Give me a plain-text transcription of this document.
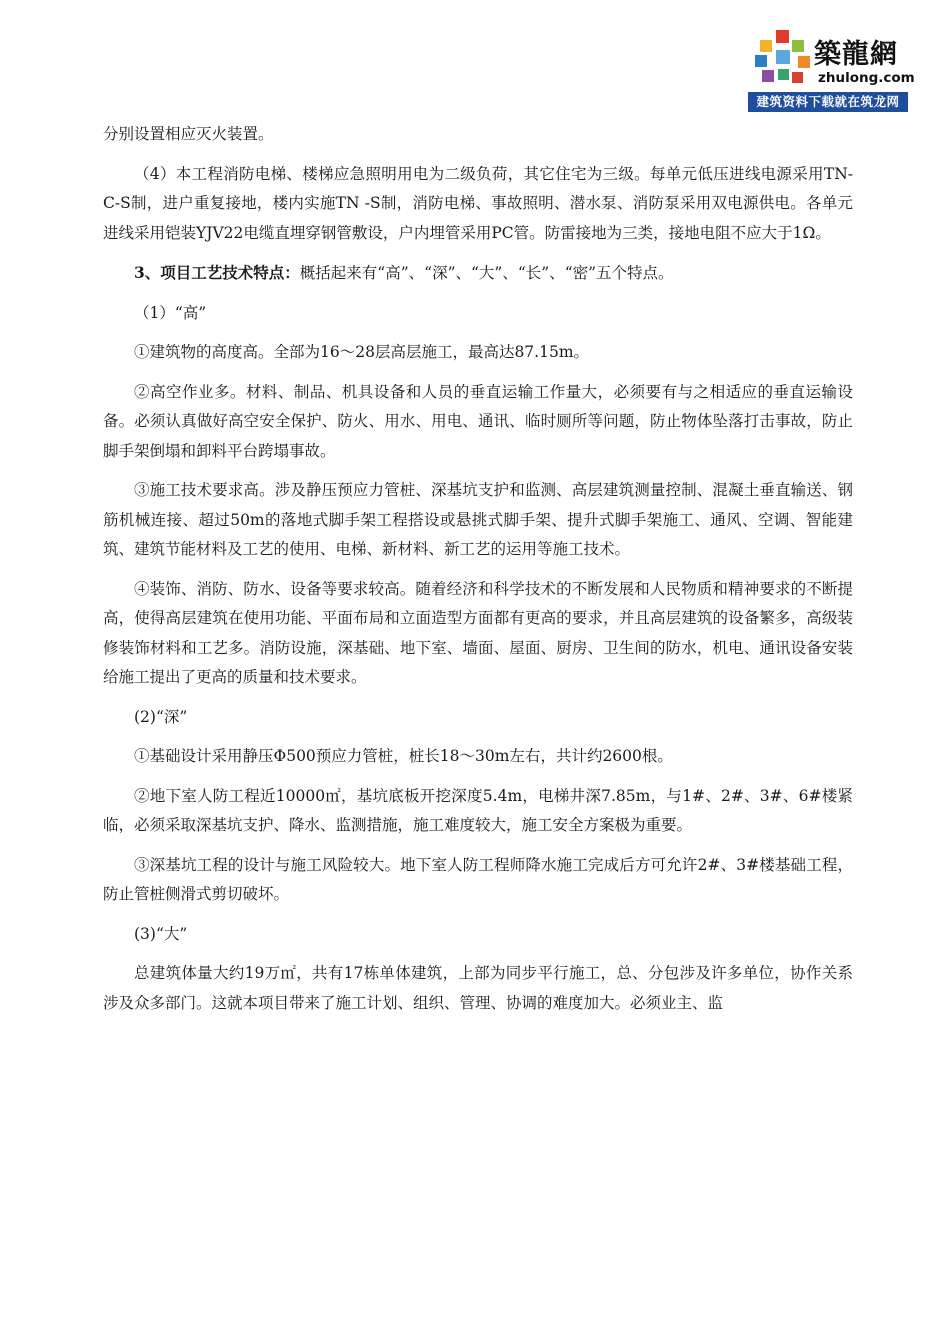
築龍網
zhulong.com
建筑资料下载就在筑龙网

分别设置相应灭火装置。

（4）本工程消防电梯、楼梯应急照明用电为二级负荷，其它住宅为三级。每单元低压进线电源采用TN-C-S制，进户重复接地，楼内实施TN -S制，消防电梯、事故照明、潜水泵、消防泵采用双电源供电。各单元进线采用铠装YJV22电缆直埋穿钢管敷设，户内埋管采用PC管。防雷接地为三类，接地电阻不应大于1Ω。

3、项目工艺技术特点：概括起来有“高”、“深”、“大”、“长”、“密”五个特点。

（1）“高”

①建筑物的高度高。全部为16～28层高层施工，最高达87.15m。

②高空作业多。材料、制品、机具设备和人员的垂直运输工作量大，必须要有与之相适应的垂直运输设备。必须认真做好高空安全保护、防火、用水、用电、通讯、临时厕所等问题，防止物体坠落打击事故，防止脚手架倒塌和卸料平台跨塌事故。

③施工技术要求高。涉及静压预应力管桩、深基坑支护和监测、高层建筑测量控制、混凝土垂直输送、钢筋机械连接、超过50m的落地式脚手架工程搭设或悬挑式脚手架、提升式脚手架施工、通风、空调、智能建筑、建筑节能材料及工艺的使用、电梯、新材料、新工艺的运用等施工技术。

④装饰、消防、防水、设备等要求较高。随着经济和科学技术的不断发展和人民物质和精神要求的不断提高，使得高层建筑在使用功能、平面布局和立面造型方面都有更高的要求，并且高层建筑的设备繁多，高级装修装饰材料和工艺多。消防设施，深基础、地下室、墙面、屋面、厨房、卫生间的防水，机电、通讯设备安装给施工提出了更高的质量和技术要求。

(2)“深”

①基础设计采用静压Φ500预应力管桩，桩长18～30m左右，共计约2600根。

②地下室人防工程近10000㎡，基坑底板开挖深度5.4m，电梯井深7.85m，与1#、2#、3#、6#楼紧临，必须采取深基坑支护、降水、监测措施，施工难度较大，施工安全方案极为重要。

③深基坑工程的设计与施工风险较大。地下室人防工程师降水施工完成后方可允许2#、3#楼基础工程，防止管桩侧滑式剪切破坏。

(3)“大”

总建筑体量大约19万㎡，共有17栋单体建筑，上部为同步平行施工，总、分包涉及许多单位，协作关系涉及众多部门。这就本项目带来了施工计划、组织、管理、协调的难度加大。必须业主、监
